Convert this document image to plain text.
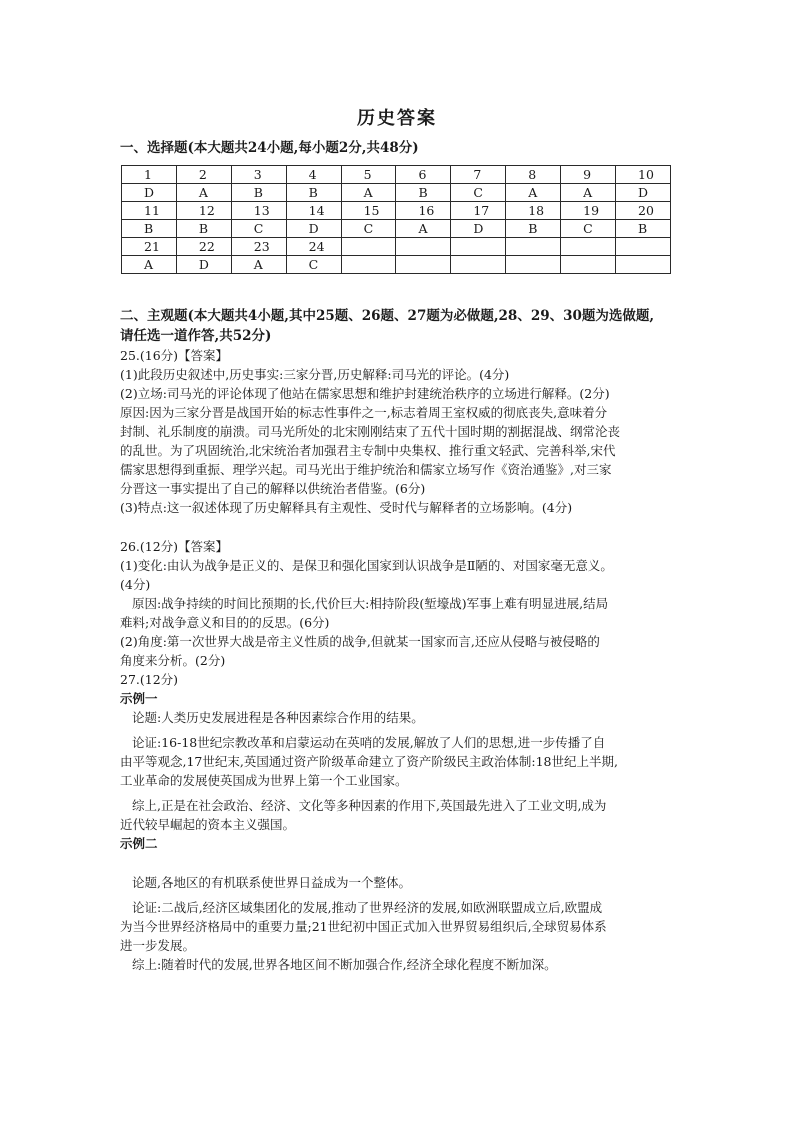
历史答案
一、选择题(本大题共24小题,每小题2分,共48分)
1	2	3	4	5	6	7	8	9	10
D	A	B	B	A	B	C	A	A	D
11	12	13	14	15	16	17	18	19	20
B	B	C	D	C	A	D	B	C	B
21	22	23	24						
A	D	A	C						
二、主观题(本大题共4小题,其中25题、26题、27题为必做题,28、29、30题为选做题,
请任选一道作答,共52分)

25.(16分)【答案】

(1)此段历史叙述中,历史事实:三家分晋,历史解释:司马光的评论。(4分)

(2)立场:司马光的评论体现了他站在儒家思想和维护封建统治秩序的立场进行解释。(2分)

原因:因为三家分晋是战国开始的标志性事件之一,标志着周王室权威的彻底丧失,意味着分

封制、礼乐制度的崩溃。司马光所处的北宋刚刚结束了五代十国时期的割据混战、纲常沦丧

的乱世。为了巩固统治,北宋统治者加强君主专制中央集权、推行重文轻武、完善科举,宋代

儒家思想得到重振、理学兴起。司马光出于维护统治和儒家立场写作《资治通鉴》,对三家

分晋这一事实提出了自己的解释以供统治者借鉴。(6分)

(3)特点:这一叙述体现了历史解释具有主观性、受时代与解释者的立场影响。(4分)

26.(12分)【答案】

(1)变化:由认为战争是正义的、是保卫和强化国家到认识战争是Ⅱ陋的、对国家毫无意义。

(4分)

原因:战争持续的时间比预期的长,代价巨大:相持阶段(堑壕战)军事上难有明显进展,结局

难料;对战争意义和目的的反思。(6分)

(2)角度:第一次世界大战是帝主义性质的战争,但就某一国家而言,还应从侵略与被侵略的

角度来分析。(2分)

27.(12分)

示例一

论题:人类历史发展进程是各种因素综合作用的结果。

论证:16-18世纪宗教改革和启蒙运动在英哨的发展,解放了人们的思想,进一步传播了自

由平等观念,17世纪末,英国通过资产阶级革命建立了资产阶级民主政治体制:18世纪上半期,

工业革命的发展使英国成为世界上第一个工业国家。

综上,正是在社会政治、经济、文化等多种因素的作用下,英国最先进入了工业文明,成为

近代较早崛起的资本主义强国。

示例二

论题,各地区的有机联系使世界日益成为一个整体。

论证:二战后,经济区域集团化的发展,推动了世界经济的发展,如欧洲联盟成立后,欧盟成

为当今世界经济格局中的重要力量;21世纪初中国正式加入世界贸易组织后,全球贸易体系

进一步发展。

综上:随着时代的发展,世界各地区间不断加强合作,经济全球化程度不断加深。
